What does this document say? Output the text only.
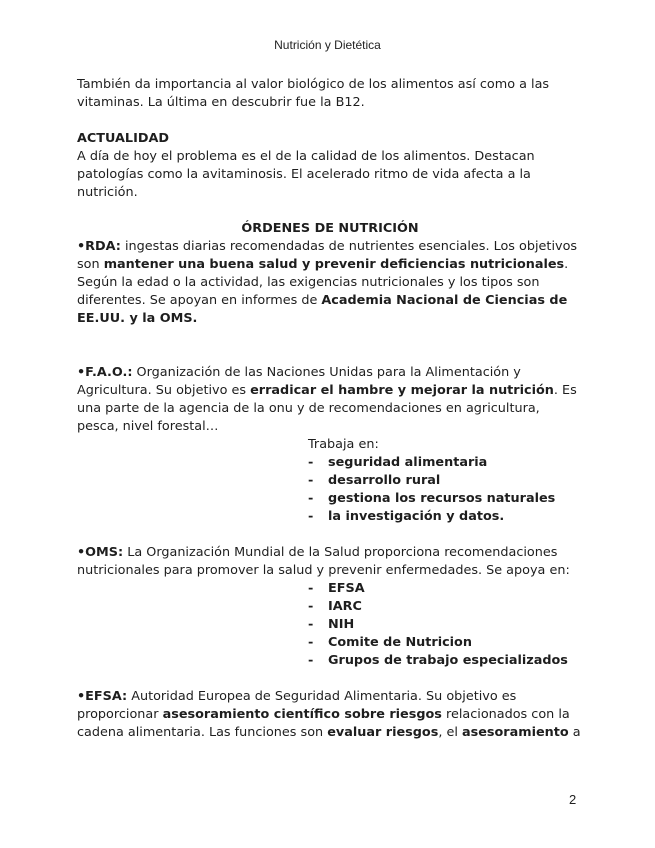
Nutrición y Dietética

También da importancia al valor biológico de los alimentos así como a las vitaminas. La última en descubrir fue la B12.

ACTUALIDAD

A día de hoy el problema es el de la calidad de los alimentos. Destacan patologías como la avitaminosis. El acelerado ritmo de vida afecta a la nutrición.

ÓRDENES DE NUTRICIÓN

•RDA: ingestas diarias recomendadas de nutrientes esenciales. Los objetivos son mantener una buena salud y prevenir deficiencias nutricionales. Según la edad o la actividad, las exigencias nutricionales y los tipos son diferentes. Se apoyan en informes de Academia Nacional de Ciencias de EE.UU. y la OMS.

•F.A.O.: Organización de las Naciones Unidas para la Alimentación y Agricultura. Su objetivo es erradicar el hambre y mejorar la nutrición. Es una parte de la agencia de la onu y de recomendaciones en agricultura, pesca, nivel forestal…

Trabaja en:

- seguridad alimentaria
- desarrollo rural
- gestiona los recursos naturales
- la investigación y datos.

•OMS: La Organización Mundial de la Salud proporciona recomendaciones nutricionales para promover la salud y prevenir enfermedades. Se apoya en:

- EFSA
- IARC
- NIH
- Comite de Nutricion
- Grupos de trabajo especializados

•EFSA: Autoridad Europea de Seguridad Alimentaria. Su objetivo es proporcionar asesoramiento científico sobre riesgos relacionados con la cadena alimentaria. Las funciones son evaluar riesgos, el asesoramiento a

2
